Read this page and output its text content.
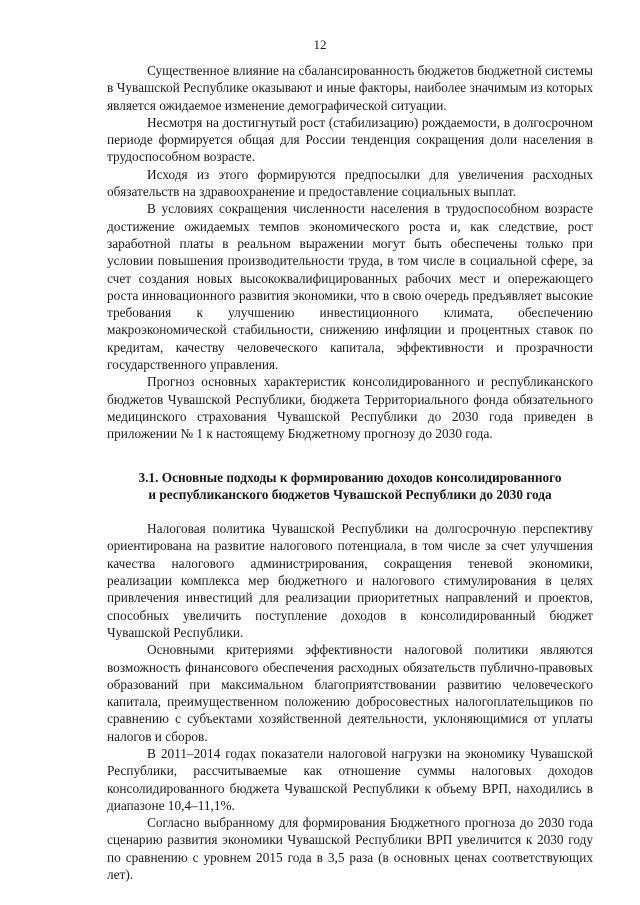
12

Существенное влияние на сбалансированность бюджетов бюджетной системы в Чувашской Республике оказывают и иные факторы, наиболее значимым из которых является ожидаемое изменение демографической ситуации.

Несмотря на достигнутый рост (стабилизацию) рождаемости, в долгосрочном периоде формируется общая для России тенденция сокращения доли населения в трудоспособном возрасте.

Исходя из этого формируются предпосылки для увеличения расходных обязательств на здравоохранение и предоставление социальных выплат.

В условиях сокращения численности населения в трудоспособном возрасте достижение ожидаемых темпов экономического роста и, как следствие, рост заработной платы в реальном выражении могут быть обеспечены только при условии повышения производительности труда, в том числе в социальной сфере, за счет создания новых высококвалифицированных рабочих мест и опережающего роста инновационного развития экономики, что в свою очередь предъявляет высокие требования к улучшению инвестиционного климата, обеспечению макроэкономической стабильности, снижению инфляции и процентных ставок по кредитам, качеству человеческого капитала, эффективности и прозрачности государственного управления.

Прогноз основных характеристик консолидированного и республиканского бюджетов Чувашской Республики, бюджета Территориального фонда обязательного медицинского страхования Чувашской Республики до 2030 года приведен в приложении № 1 к настоящему Бюджетному прогнозу до 2030 года.

3.1. Основные подходы к формированию доходов консолидированного
и республиканского бюджетов Чувашской Республики до 2030 года

Налоговая политика Чувашской Республики на долгосрочную перспективу ориентирована на развитие налогового потенциала, в том числе за счет улучшения качества налогового администрирования, сокращения теневой экономики, реализации комплекса мер бюджетного и налогового стимулирования в целях привлечения инвестиций для реализации приоритетных направлений и проектов, способных увеличить поступление доходов в консолидированный бюджет Чувашской Республики.

Основными критериями эффективности налоговой политики являются возможность финансового обеспечения расходных обязательств публично-правовых образований при максимальном благоприятствовании развитию человеческого капитала, преимущественном положению добросовестных налогоплательщиков по сравнению с субъектами хозяйственной деятельности, уклоняющимися от уплаты налогов и сборов.

В 2011–2014 годах показатели налоговой нагрузки на экономику Чувашской Республики, рассчитываемые как отношение суммы налоговых доходов консолидированного бюджета Чувашской Республики к объему ВРП, находились в диапазоне 10,4–11,1%.

Согласно выбранному для формирования Бюджетного прогноза до 2030 года сценарию развития экономики Чувашской Республики ВРП увеличится к 2030 году по сравнению с уровнем 2015 года в 3,5 раза (в основных ценах соответствующих лет).
